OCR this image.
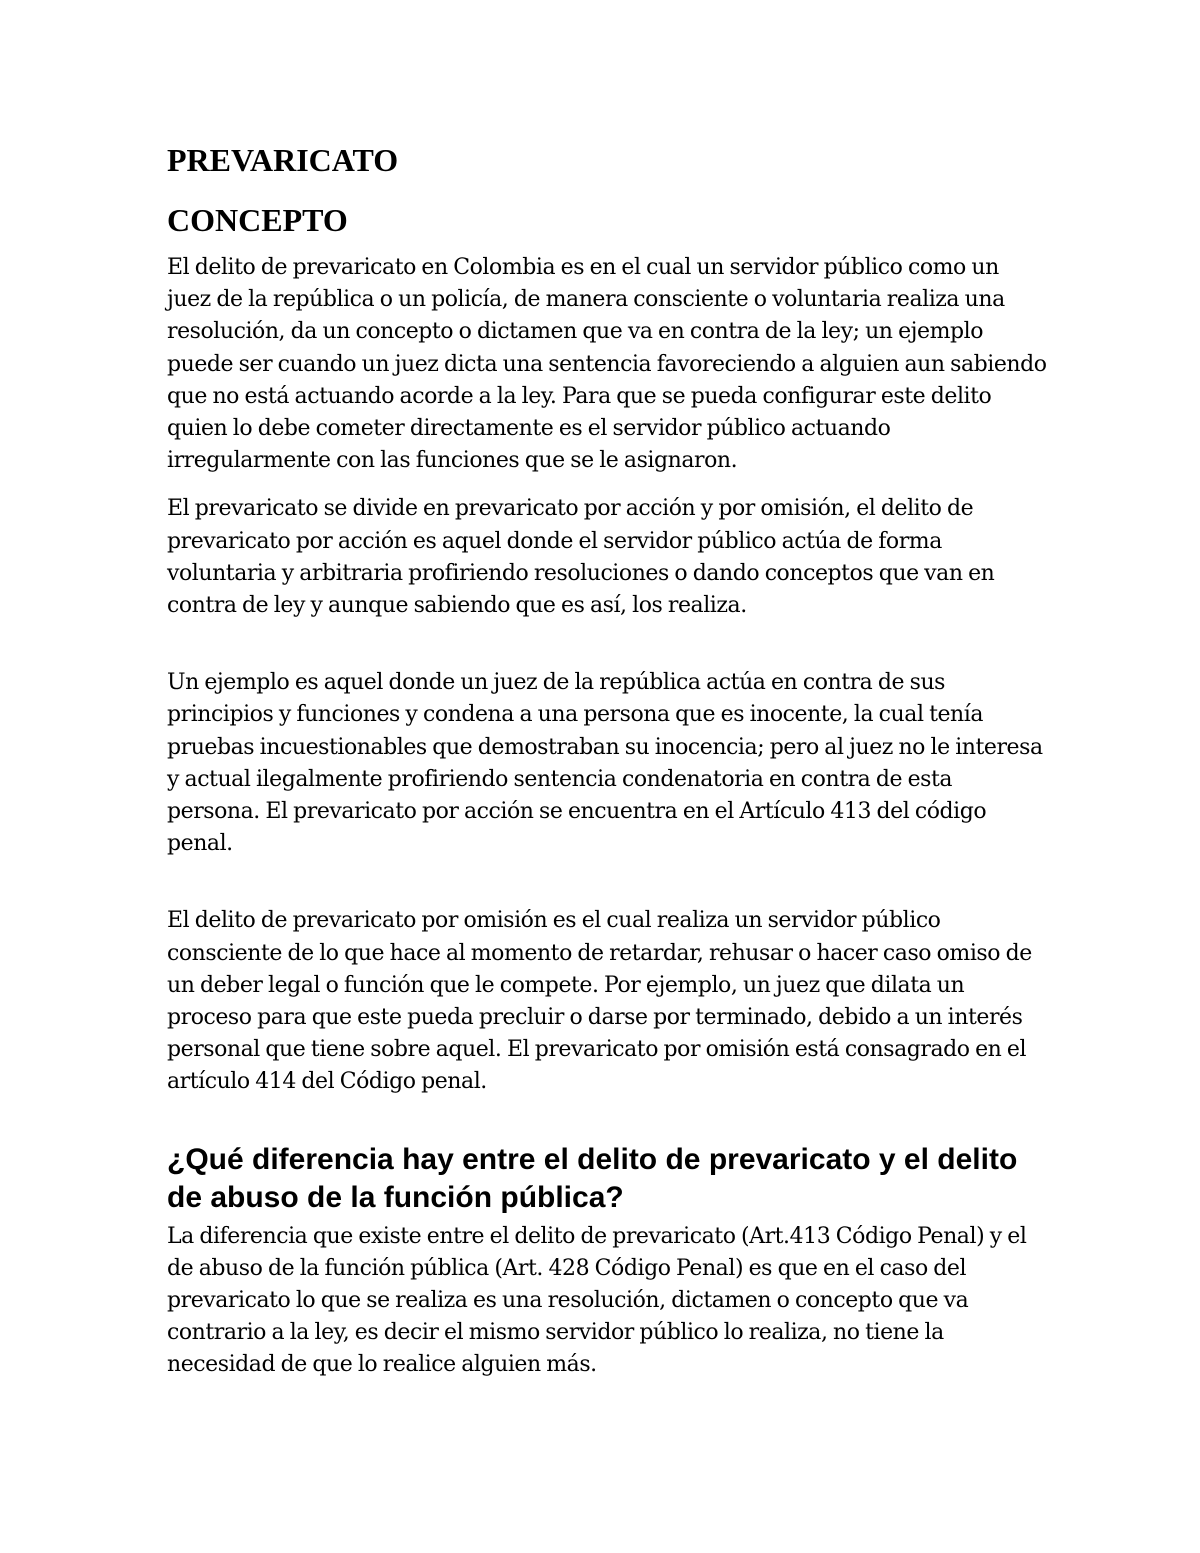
PREVARICATO
CONCEPTO

El delito de prevaricato en Colombia es en el cual un servidor público como un juez de la república o un policía, de manera consciente o voluntaria realiza una resolución, da un concepto o dictamen que va en contra de la ley; un ejemplo puede ser cuando un juez dicta una sentencia favoreciendo a alguien aun sabiendo que no está actuando acorde a la ley. Para que se pueda configurar este delito quien lo debe cometer directamente es el servidor público actuando irregularmente con las funciones que se le asignaron.

El prevaricato se divide en prevaricato por acción y por omisión, el delito de prevaricato por acción es aquel donde el servidor público actúa de forma voluntaria y arbitraria profiriendo resoluciones o dando conceptos que van en contra de ley y aunque sabiendo que es así, los realiza.

Un ejemplo es aquel donde un juez de la república actúa en contra de sus principios y funciones y condena a una persona que es inocente, la cual tenía pruebas incuestionables que demostraban su inocencia; pero al juez no le interesa y actual ilegalmente profiriendo sentencia condenatoria en contra de esta persona. El prevaricato por acción se encuentra en el Artículo 413 del código penal.

El delito de prevaricato por omisión es el cual realiza un servidor público consciente de lo que hace al momento de retardar, rehusar o hacer caso omiso de un deber legal o función que le compete. Por ejemplo, un juez que dilata un proceso para que este pueda precluir o darse por terminado, debido a un interés personal que tiene sobre aquel. El prevaricato por omisión está consagrado en el artículo 414 del Código penal.

¿Qué diferencia hay entre el delito de prevaricato y el delito de abuso de la función pública?

La diferencia que existe entre el delito de prevaricato (Art.413 Código Penal) y el de abuso de la función pública (Art. 428 Código Penal) es que en el caso del prevaricato lo que se realiza es una resolución, dictamen o concepto que va contrario a la ley, es decir el mismo servidor público lo realiza, no tiene la necesidad de que lo realice alguien más.
